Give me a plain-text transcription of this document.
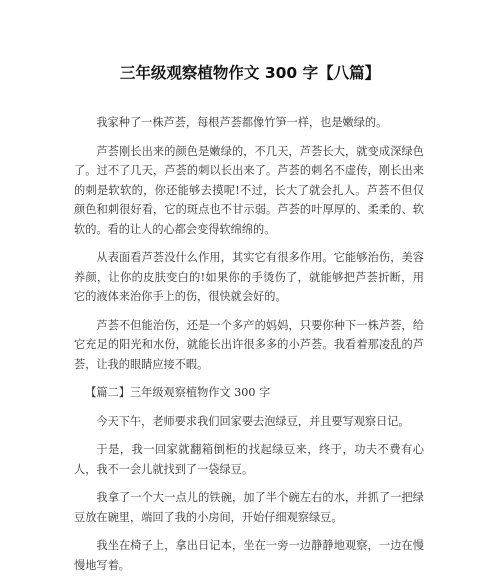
三年级观察植物作文 300 字【八篇】

我家种了一株芦荟，每根芦荟都像竹笋一样，也是嫩绿的。

芦荟刚长出来的颜色是嫩绿的，不几天，芦荟长大，就变成深绿色了。过不了几天，芦荟的刺以长出来了。芦荟的刺名不虚传，刚长出来的刺是软软的，你还能够去摸呢!不过，长大了就会扎人。芦荟不但仅颜色和刺很好看，它的斑点也不甘示弱。芦荟的叶厚厚的、柔柔的、软软的。看的让人的心都会变得软绵绵的。

从表面看芦荟没什么作用，其实它有很多作用。它能够治伤，美容养颜，让你的皮肤变白的!如果你的手烫伤了，就能够把芦荟折断，用它的液体来治你手上的伤，很快就会好的。

芦荟不但能治伤，还是一个多产的妈妈，只要你种下一株芦荟，给它充足的阳光和水份，就能长出许很多多的小芦荟。我看着那凌乱的芦荟，让我的眼睛应接不暇。

【篇二】三年级观察植物作文 300 字

今天下午，老师要求我们回家要去泡绿豆，并且要写观察日记。

于是，我一回家就翻箱倒柜的找起绿豆来，终于，功夫不费有心人，我不一会儿就找到了一袋绿豆。

我拿了一个大一点儿的铁碗，加了半个碗左右的水，并抓了一把绿豆放在碗里，端回了我的小房间，开始仔细观察绿豆。

我坐在椅子上，拿出日记本，坐在一旁一边静静地观察，一边在慢慢地写着。
